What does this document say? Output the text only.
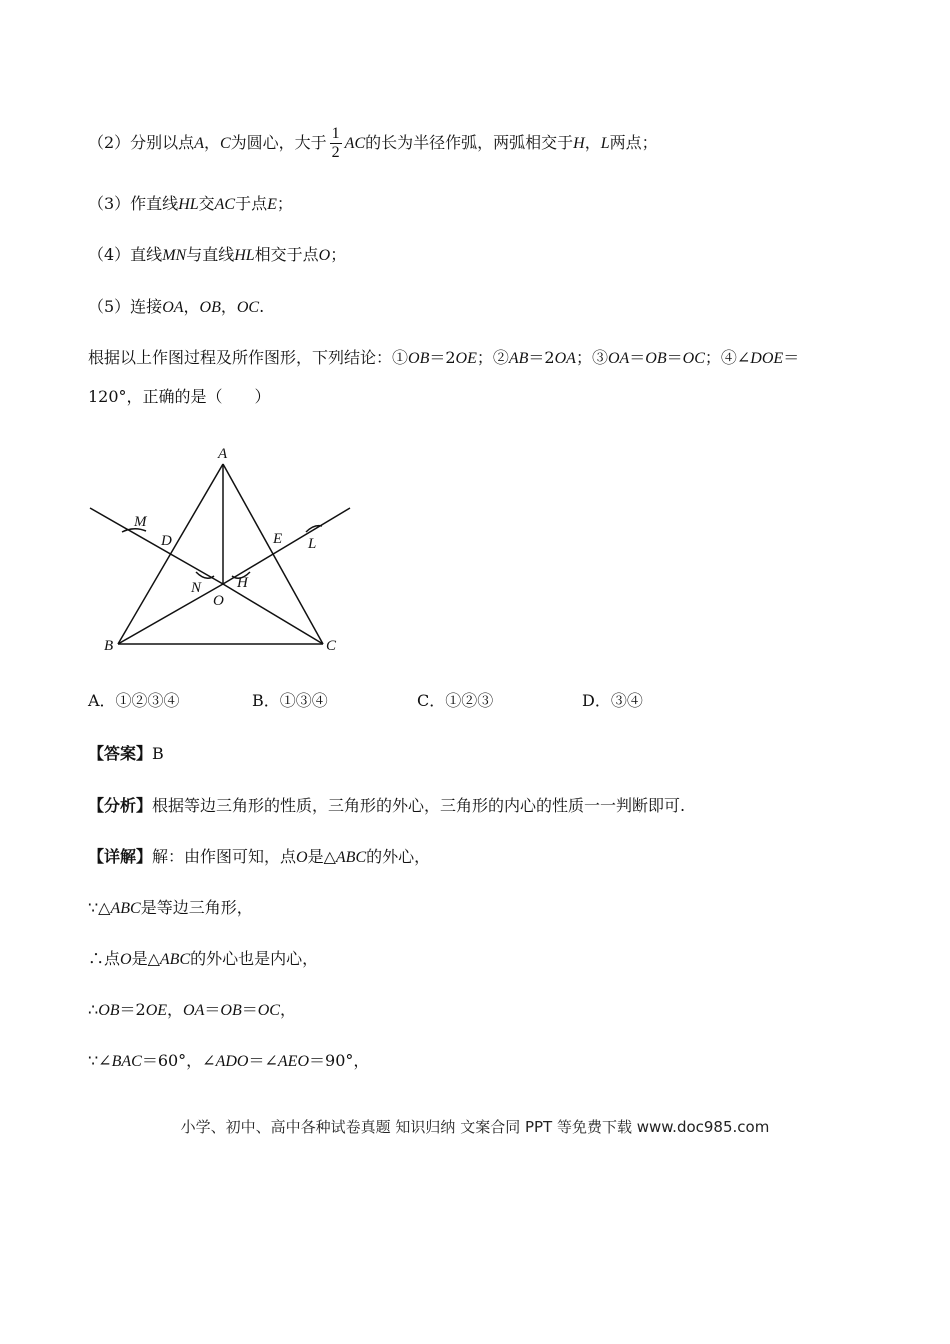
（2）分别以点A，C为圆心，大于 $\frac{1}{2}$ AC的长为半径作弧，两弧相交于H，L两点；
（3）作直线HL交AC于点E；
（4）直线MN与直线HL相交于点O；
（5）连接OA，OB，OC.
根据以上作图过程及所作图形，下列结论：①OB＝2OE；②AB＝2OA；③OA＝OB＝OC；④∠DOE＝
120°，正确的是（　　）
A
M
D	E L
N H
O
B	C
A．①②③④	B．①③④	C．①②③	D．③④
【答案】B
【分析】根据等边三角形的性质，三角形的外心，三角形的内心的性质一一判断即可.
【详解】解：由作图可知，点O是△ABC的外心，
∵△ABC是等边三角形，
∴点O是△ABC的外心也是内心，
∴OB＝2OE，OA＝OB＝OC，
∵∠BAC＝60°，∠ADO＝∠AEO＝90°，
小学、初中、高中各种试卷真题 知识归纳 文案合同 PPT 等免费下载 www.doc985.com
